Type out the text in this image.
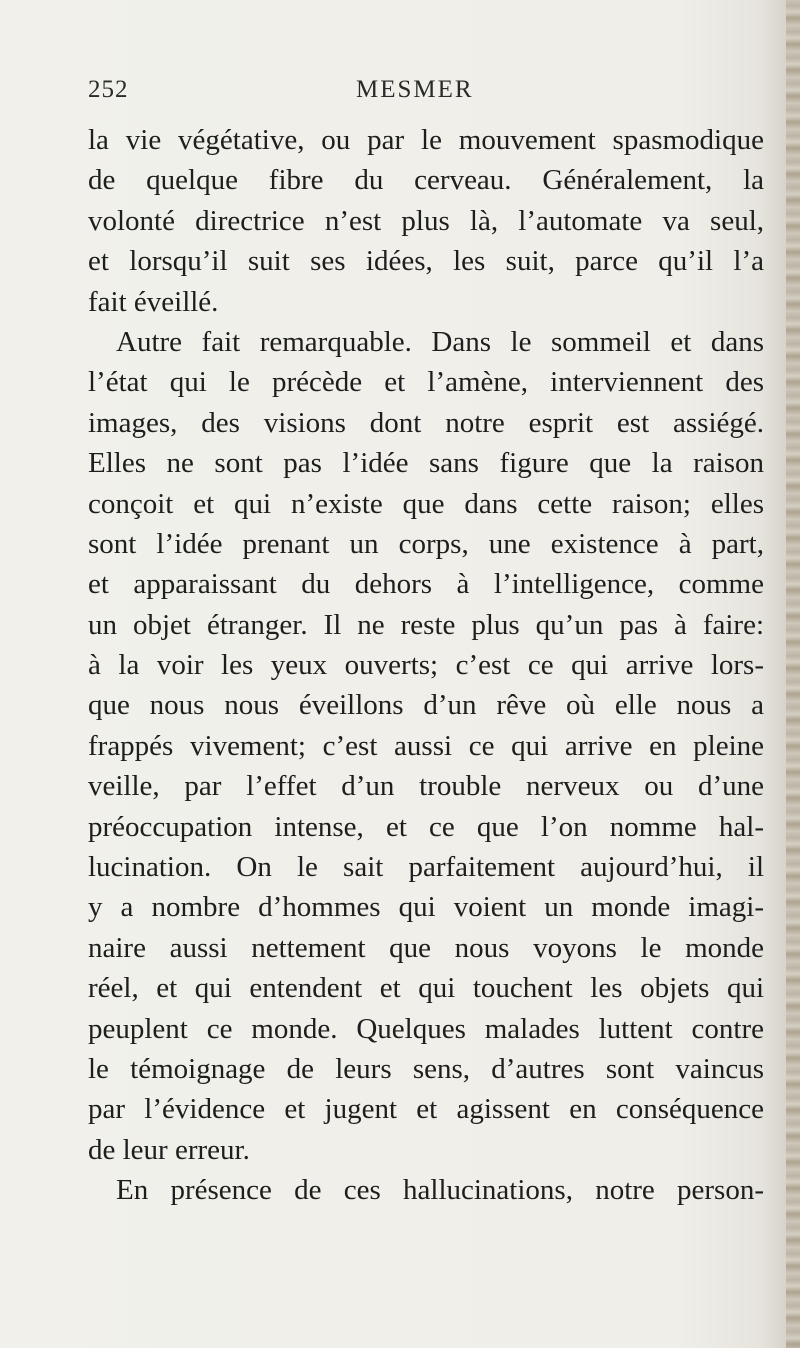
252	MESMER
la vie végétative, ou par le mouvement spasmodique
de quelque fibre du cerveau. Généralement, la
volonté directrice n’est plus là, l’automate va seul,
et lorsqu’il suit ses idées, les suit, parce qu’il l’a
fait éveillé.
Autre fait remarquable. Dans le sommeil et dans
l’état qui le précède et l’amène, interviennent des
images, des visions dont notre esprit est assiégé.
Elles ne sont pas l’idée sans figure que la raison
conçoit et qui n’existe que dans cette raison; elles
sont l’idée prenant un corps, une existence à part,
et apparaissant du dehors à l’intelligence, comme
un objet étranger. Il ne reste plus qu’un pas à faire:
à la voir les yeux ouverts; c’est ce qui arrive lors-
que nous nous éveillons d’un rêve où elle nous a
frappés vivement; c’est aussi ce qui arrive en pleine
veille, par l’effet d’un trouble nerveux ou d’une
préoccupation intense, et ce que l’on nomme hal-
lucination. On le sait parfaitement aujourd’hui, il
y a nombre d’hommes qui voient un monde imagi-
naire aussi nettement que nous voyons le monde
réel, et qui entendent et qui touchent les objets qui
peuplent ce monde. Quelques malades luttent contre
le témoignage de leurs sens, d’autres sont vaincus
par l’évidence et jugent et agissent en conséquence
de leur erreur.
En présence de ces hallucinations, notre person-
